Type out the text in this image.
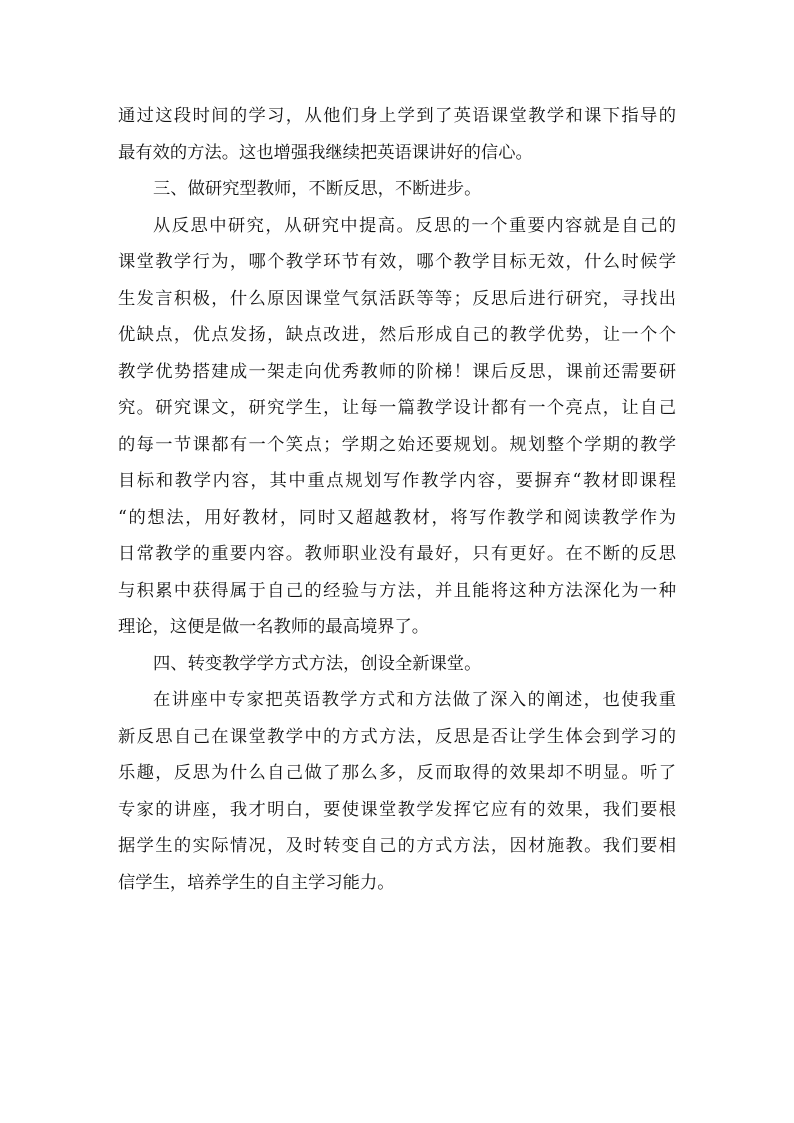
通过这段时间的学习，从他们身上学到了英语课堂教学和课下指导的
最有效的方法。这也增强我继续把英语课讲好的信心。
三、做研究型教师，不断反思，不断进步。
从反思中研究，从研究中提高。反思的一个重要内容就是自己的
课堂教学行为，哪个教学环节有效，哪个教学目标无效，什么时候学
生发言积极，什么原因课堂气氛活跃等等；反思后进行研究，寻找出
优缺点，优点发扬，缺点改进，然后形成自己的教学优势，让一个个
教学优势搭建成一架走向优秀教师的阶梯！课后反思，课前还需要研
究。研究课文，研究学生，让每一篇教学设计都有一个亮点，让自己
的每一节课都有一个笑点；学期之始还要规划。规划整个学期的教学
目标和教学内容，其中重点规划写作教学内容，要摒弃“教材即课程
“的想法，用好教材，同时又超越教材，将写作教学和阅读教学作为
日常教学的重要内容。教师职业没有最好，只有更好。在不断的反思
与积累中获得属于自己的经验与方法，并且能将这种方法深化为一种
理论，这便是做一名教师的最高境界了。
四、转变教学学方式方法，创设全新课堂。
在讲座中专家把英语教学方式和方法做了深入的阐述，也使我重
新反思自己在课堂教学中的方式方法，反思是否让学生体会到学习的
乐趣，反思为什么自己做了那么多，反而取得的效果却不明显。听了
专家的讲座，我才明白，要使课堂教学发挥它应有的效果，我们要根
据学生的实际情况，及时转变自己的方式方法，因材施教。我们要相
信学生，培养学生的自主学习能力。
